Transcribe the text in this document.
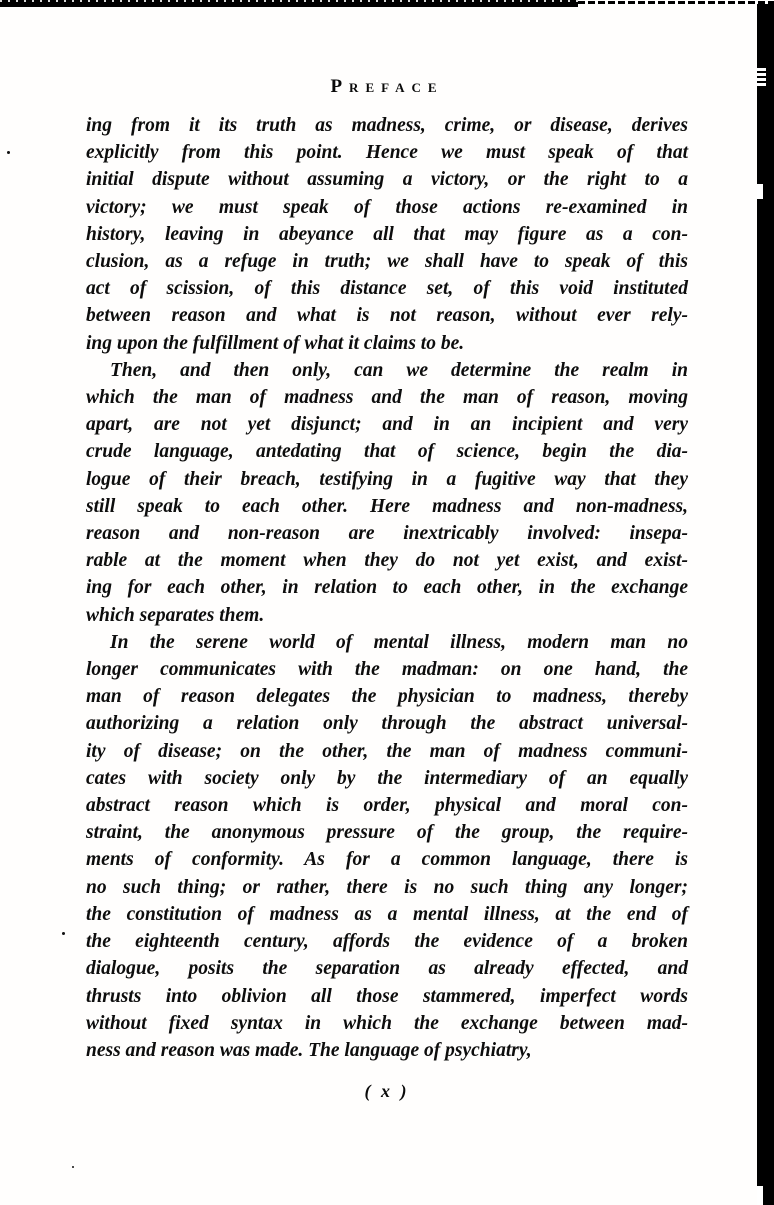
Preface
ing from it its truth as madness, crime, or disease, derives
explicitly from this point. Hence we must speak of that
initial dispute without assuming a victory, or the right to a
victory; we must speak of those actions re-examined in
history, leaving in abeyance all that may figure as a con-
clusion, as a refuge in truth; we shall have to speak of this
act of scission, of this distance set, of this void instituted
between reason and what is not reason, without ever rely-
ing upon the fulfillment of what it claims to be.
Then, and then only, can we determine the realm in
which the man of madness and the man of reason, moving
apart, are not yet disjunct; and in an incipient and very
crude language, antedating that of science, begin the dia-
logue of their breach, testifying in a fugitive way that they
still speak to each other. Here madness and non-madness,
reason and non-reason are inextricably involved: insepa-
rable at the moment when they do not yet exist, and exist-
ing for each other, in relation to each other, in the exchange
which separates them.
In the serene world of mental illness, modern man no
longer communicates with the madman: on one hand, the
man of reason delegates the physician to madness, thereby
authorizing a relation only through the abstract universal-
ity of disease; on the other, the man of madness communi-
cates with society only by the intermediary of an equally
abstract reason which is order, physical and moral con-
straint, the anonymous pressure of the group, the require-
ments of conformity. As for a common language, there is
no such thing; or rather, there is no such thing any longer;
the constitution of madness as a mental illness, at the end of
the eighteenth century, affords the evidence of a broken
dialogue, posits the separation as already effected, and
thrusts into oblivion all those stammered, imperfect words
without fixed syntax in which the exchange between mad-
ness and reason was made. The language of psychiatry,
( x )
